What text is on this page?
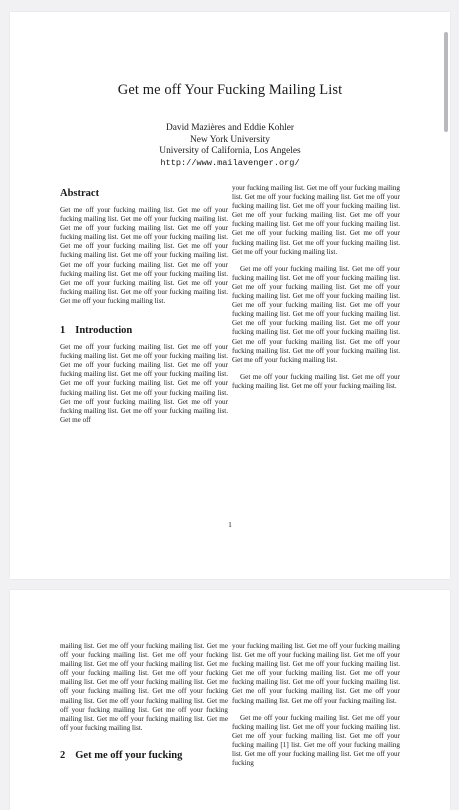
Get me off Your Fucking Mailing List
David Mazières and Eddie Kohler
New York University
University of California, Los Angeles
http://www.mailavenger.org/
Abstract

Get me off your fucking mailing list. Get me off your fucking mailing list. Get me off your fucking mailing list. Get me off your fucking mailing list. Get me off your fucking mailing list. Get me off your fucking mailing list. Get me off your fucking mailing list. Get me off your fucking mailing list. Get me off your fucking mailing list. Get me off your fucking mailing list. Get me off your fucking mailing list. Get me off your fucking mailing list. Get me off your fucking mailing list. Get me off your fucking mailing list. Get me off your fucking mailing list. Get me off your fucking mailing list.

1 Introduction

Get me off your fucking mailing list. Get me off your fucking mailing list. Get me off your fucking mailing list. Get me off your fucking mailing list. Get me off your fucking mailing list. Get me off your fucking mailing list. Get me off your fucking mailing list. Get me off your fucking mailing list. Get me off your fucking mailing list. Get me off your fucking mailing list. Get me off your fucking mailing list. Get me off your fucking mailing list. Get me off

your fucking mailing list. Get me off your fucking mailing list. Get me off your fucking mailing list. Get me off your fucking mailing list. Get me off your fucking mailing list. Get me off your fucking mailing list. Get me off your fucking mailing list. Get me off your fucking mailing list. Get me off your fucking mailing list. Get me off your fucking mailing list. Get me off your fucking mailing list. Get me off your fucking mailing list.

Get me off your fucking mailing list. Get me off your fucking mailing list. Get me off your fucking mailing list. Get me off your fucking mailing list. Get me off your fucking mailing list. Get me off your fucking mailing list. Get me off your fucking mailing list. Get me off your fucking mailing list. Get me off your fucking mailing list. Get me off your fucking mailing list. Get me off your fucking mailing list. Get me off your fucking mailing list. Get me off your fucking mailing list. Get me off your fucking mailing list. Get me off your fucking mailing list. Get me off your fucking mailing list.

Get me off your fucking mailing list. Get me off your fucking mailing list. Get me off your fucking mailing list.

1

mailing list. Get me off your fucking mailing list. Get me off your fucking mailing list. Get me off your fucking mailing list. Get me off your fucking mailing list. Get me off your fucking mailing list. Get me off your fucking mailing list. Get me off your fucking mailing list. Get me off your fucking mailing list. Get me off your fucking mailing list. Get me off your fucking mailing list. Get me off your fucking mailing list. Get me off your fucking mailing list. Get me off your fucking mailing list. Get me off your fucking mailing list.

2 Get me off your fucking

your fucking mailing list. Get me off your fucking mailing list. Get me off your fucking mailing list. Get me off your fucking mailing list. Get me off your fucking mailing list. Get me off your fucking mailing list. Get me off your fucking mailing list. Get me off your fucking mailing list. Get me off your fucking mailing list. Get me off your fucking mailing list. Get me off your fucking mailing list.

Get me off your fucking mailing list. Get me off your fucking mailing list. Get me off your fucking mailing list. Get me off your fucking mailing list. Get me off your fucking mailing [1] list. Get me off your fucking mailing list. Get me off your fucking mailing list. Get me off your fucking
